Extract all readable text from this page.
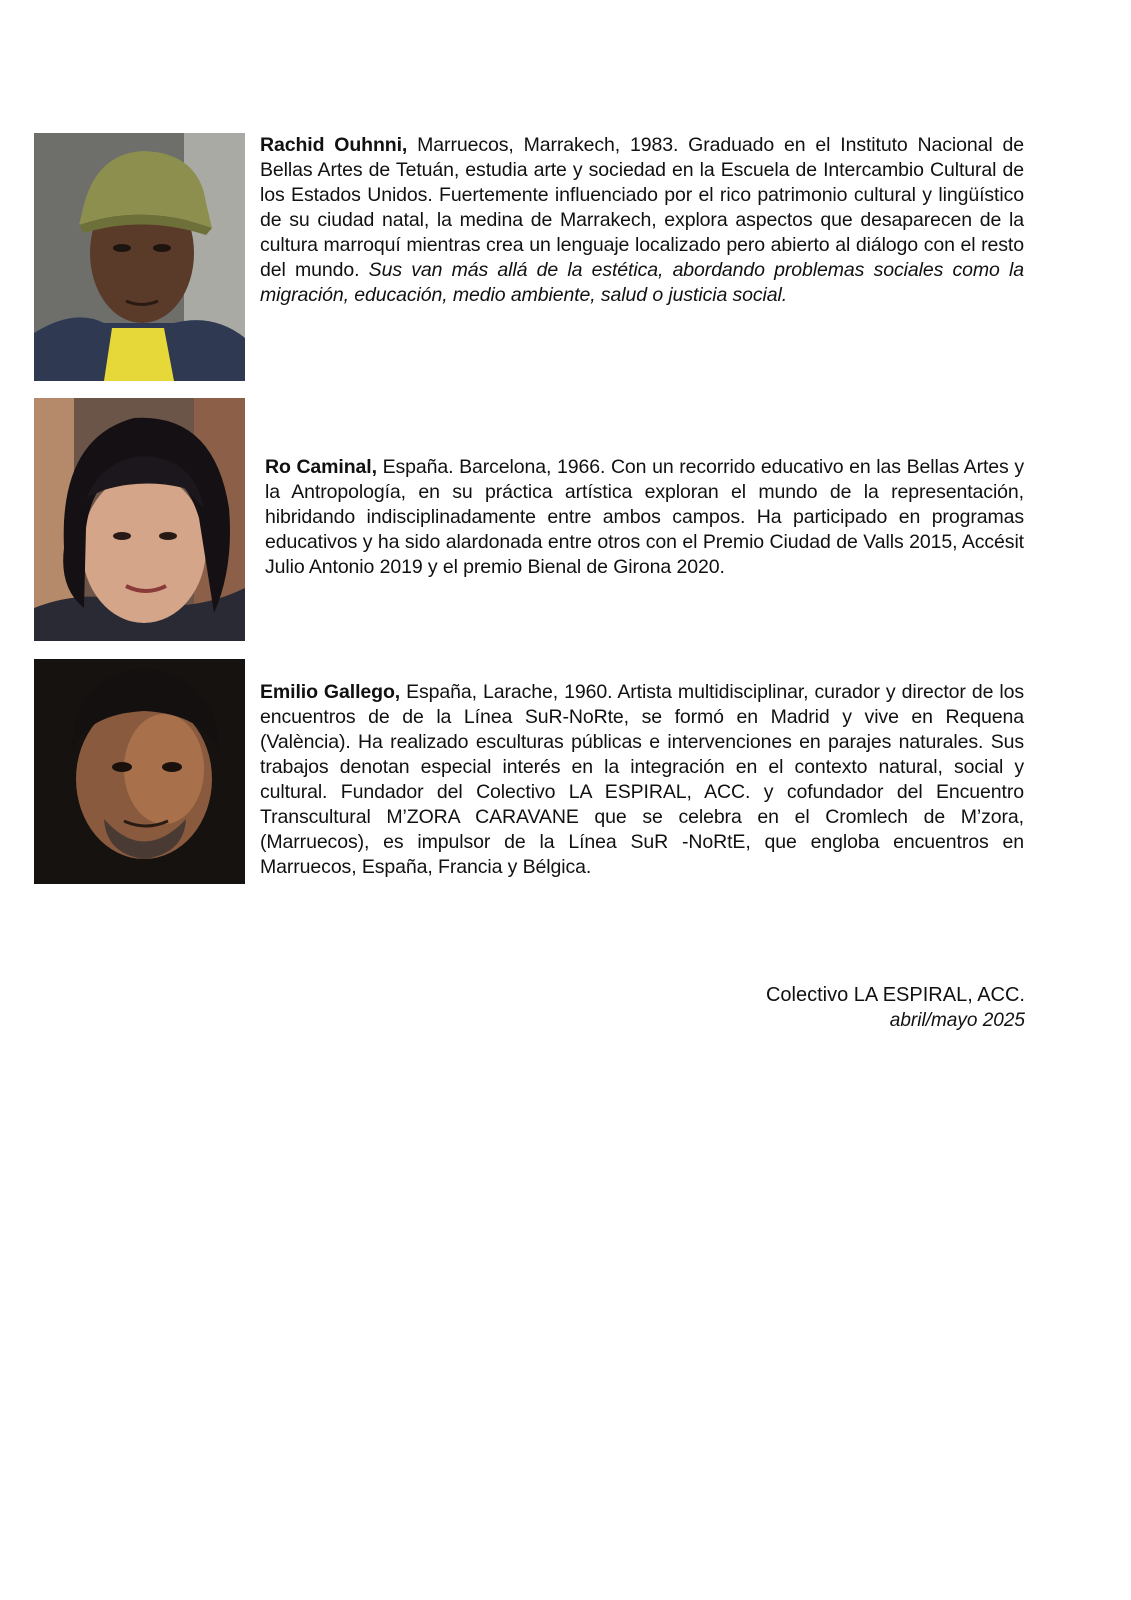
Rachid Ouhnni, Marruecos, Marrakech, 1983. Graduado en el Instituto Nacional de Bellas Artes de Tetuán, estudia arte y sociedad en la Escuela de Intercambio Cultural de los Estados Unidos. Fuertemente influenciado por el rico patrimonio cultural y lingüístico de su ciudad natal, la medina de Marrakech, explora aspectos que desaparecen de la cultura marroquí mientras crea un lenguaje localizado pero abierto al diálogo con el resto del mundo. Sus van más allá de la estética, abordando problemas sociales como la migración, educación, medio ambiente, salud o justicia social.
Ro Caminal, España. Barcelona, 1966. Con un recorrido educativo en las Bellas Artes y la Antropología, en su práctica artística exploran el mundo de la representación, hibridando indisciplinadamente entre ambos campos. Ha participado en programas educativos y ha sido alardonada entre otros con el Premio Ciudad de Valls 2015, Accésit Julio Antonio 2019 y el premio Bienal de Girona 2020.
Emilio Gallego, España, Larache, 1960. Artista multidisciplinar, curador y director de los encuentros de de la Línea SuR-NoRte, se formó en Madrid y vive en Requena (València). Ha realizado esculturas públicas e intervenciones en parajes naturales. Sus trabajos denotan especial interés en la integración en el contexto natural, social y cultural. Fundador del Colectivo LA ESPIRAL, ACC. y cofundador del Encuentro Transcultural M’ZORA CARAVANE que se celebra en el Cromlech de M’zora, (Marruecos), es impulsor de la Línea SuR -NoRtE, que engloba encuentros en Marruecos, España, Francia y Bélgica.
Colectivo LA ESPIRAL, ACC.
abril/mayo 2025
